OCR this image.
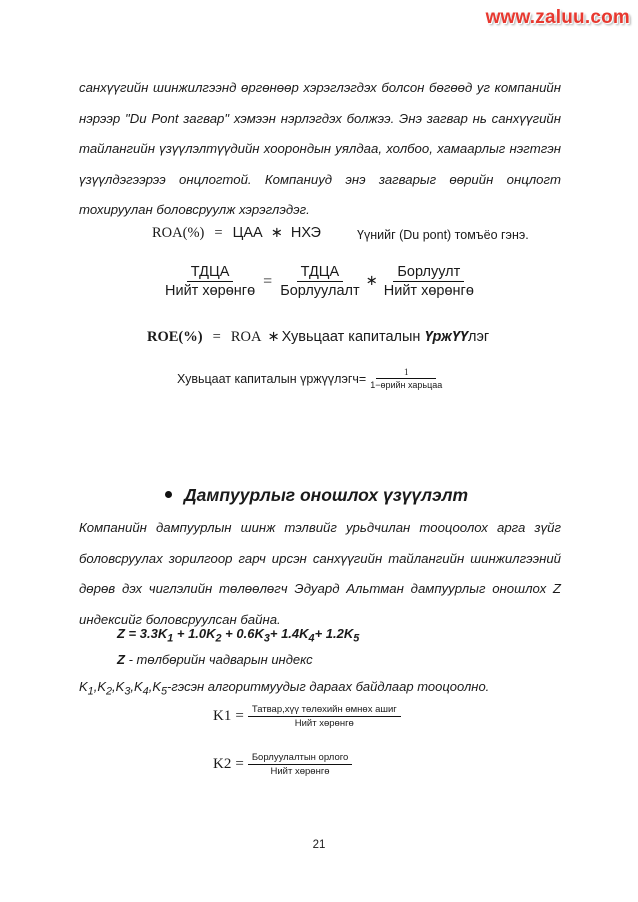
www.zaluu.com
санхүүгийн шинжилгээнд өргөнөөр хэрэглэгдэх болсон бөгөөд уг компанийн
нэрээр "Du Pont загвар" хэмээн нэрлэгдэх болжээ. Энэ загвар нь санхүүгийн
тайлангийн үзүүлэлтүүдийн хоорондын уялдаа, холбоо, хамаарлыг нэгтгэн
үзүүлдэгээрээ онцлогтой. Компаниуд энэ загварыг өөрийн онцлогт
тохируулан боловсруулж хэрэглэдэг.
ROA(%) = ЦАА ∗ НХЭ	Үүнийг (Du pont) томъёо гэнэ.
$\frac{\text{ТДЦА}}{\text{Нийт хөрөнгө}} = \frac{\text{ТДЦА}}{\text{Борлуулалт}}$ ∗ $\frac{\text{Борлуулт}}{\text{Нийт хөрөнгө}}$
ROE(%) = ROA ∗ Хувьцаат капиталын ҮржҮҮлэг
Хувьцаат капиталын үржүүлэгч= $\frac{1}{\text{1−өрийн харьцаа}}$
Дампуурлыг оношлох үзүүлэлт
Компанийн дампуурлын шинж тэлвийг урьдчилан тооцоолох арга зүйг
боловсруулах зорилгоор гарч ирсэн санхүүгийн тайлангийн шинжилгээний
дөрөв дэх чиглэлийн төлөөлөгч Эдуард Альтман дампуурлыг оношлох Z
индексийг боловсруулсан байна.
$Z = 3.3K_1 + 1.0K_2 + 0.6K_3+ 1.4K_4+ 1.2K_5$
Z - төлбөрийн чадварын индекс
$K_1,K_2,K_3,K_4,K_5$-гэсэн алгоритмуудыг дараах байдлаар тооцоолно.
$K1 = \frac{\text{Татвар,хүү төлөхийн өмнөх ашиг}}{\text{Нийт хөрөнгө}}$
$K2 = \frac{\text{Борлуулалтын орлого}}{\text{Нийт хөрөнгө}}$
21
